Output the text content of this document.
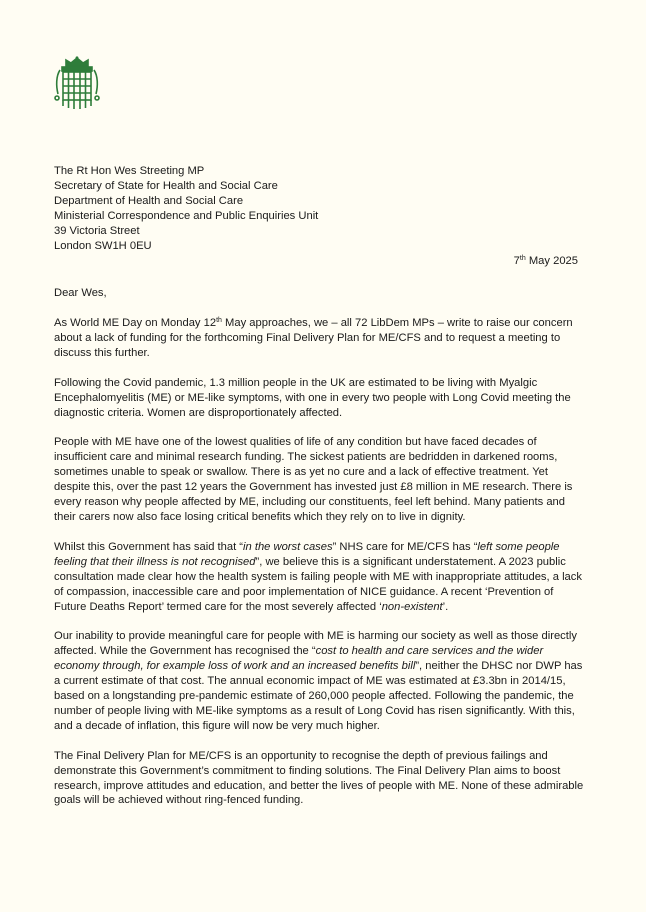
The Rt Hon Wes Streeting MP
Secretary of State for Health and Social Care
Department of Health and Social Care
Ministerial Correspondence and Public Enquiries Unit
39 Victoria Street
London SW1H 0EU
7th May 2025
Dear Wes,

As World ME Day on Monday 12th May approaches, we – all 72 LibDem MPs – write to raise our concern about a lack of funding for the forthcoming Final Delivery Plan for ME/CFS and to request a meeting to discuss this further.

Following the Covid pandemic, 1.3 million people in the UK are estimated to be living with Myalgic Encephalomyelitis (ME) or ME-like symptoms, with one in every two people with Long Covid meeting the diagnostic criteria. Women are disproportionately affected.

People with ME have one of the lowest qualities of life of any condition but have faced decades of insufficient care and minimal research funding. The sickest patients are bedridden in darkened rooms, sometimes unable to speak or swallow. There is as yet no cure and a lack of effective treatment. Yet despite this, over the past 12 years the Government has invested just £8 million in ME research. There is every reason why people affected by ME, including our constituents, feel left behind. Many patients and their carers now also face losing critical benefits which they rely on to live in dignity.

Whilst this Government has said that “in the worst cases” NHS care for ME/CFS has “left some people feeling that their illness is not recognised”, we believe this is a significant understatement. A 2023 public consultation made clear how the health system is failing people with ME with inappropriate attitudes, a lack of compassion, inaccessible care and poor implementation of NICE guidance. A recent ‘Prevention of Future Deaths Report’ termed care for the most severely affected ‘non-existent’.

Our inability to provide meaningful care for people with ME is harming our society as well as those directly affected. While the Government has recognised the “cost to health and care services and the wider economy through, for example loss of work and an increased benefits bill”, neither the DHSC nor DWP has a current estimate of that cost. The annual economic impact of ME was estimated at £3.3bn in 2014/15, based on a longstanding pre-pandemic estimate of 260,000 people affected. Following the pandemic, the number of people living with ME-like symptoms as a result of Long Covid has risen significantly. With this, and a decade of inflation, this figure will now be very much higher.

The Final Delivery Plan for ME/CFS is an opportunity to recognise the depth of previous failings and demonstrate this Government’s commitment to finding solutions. The Final Delivery Plan aims to boost research, improve attitudes and education, and better the lives of people with ME. None of these admirable goals will be achieved without ring-fenced funding.
